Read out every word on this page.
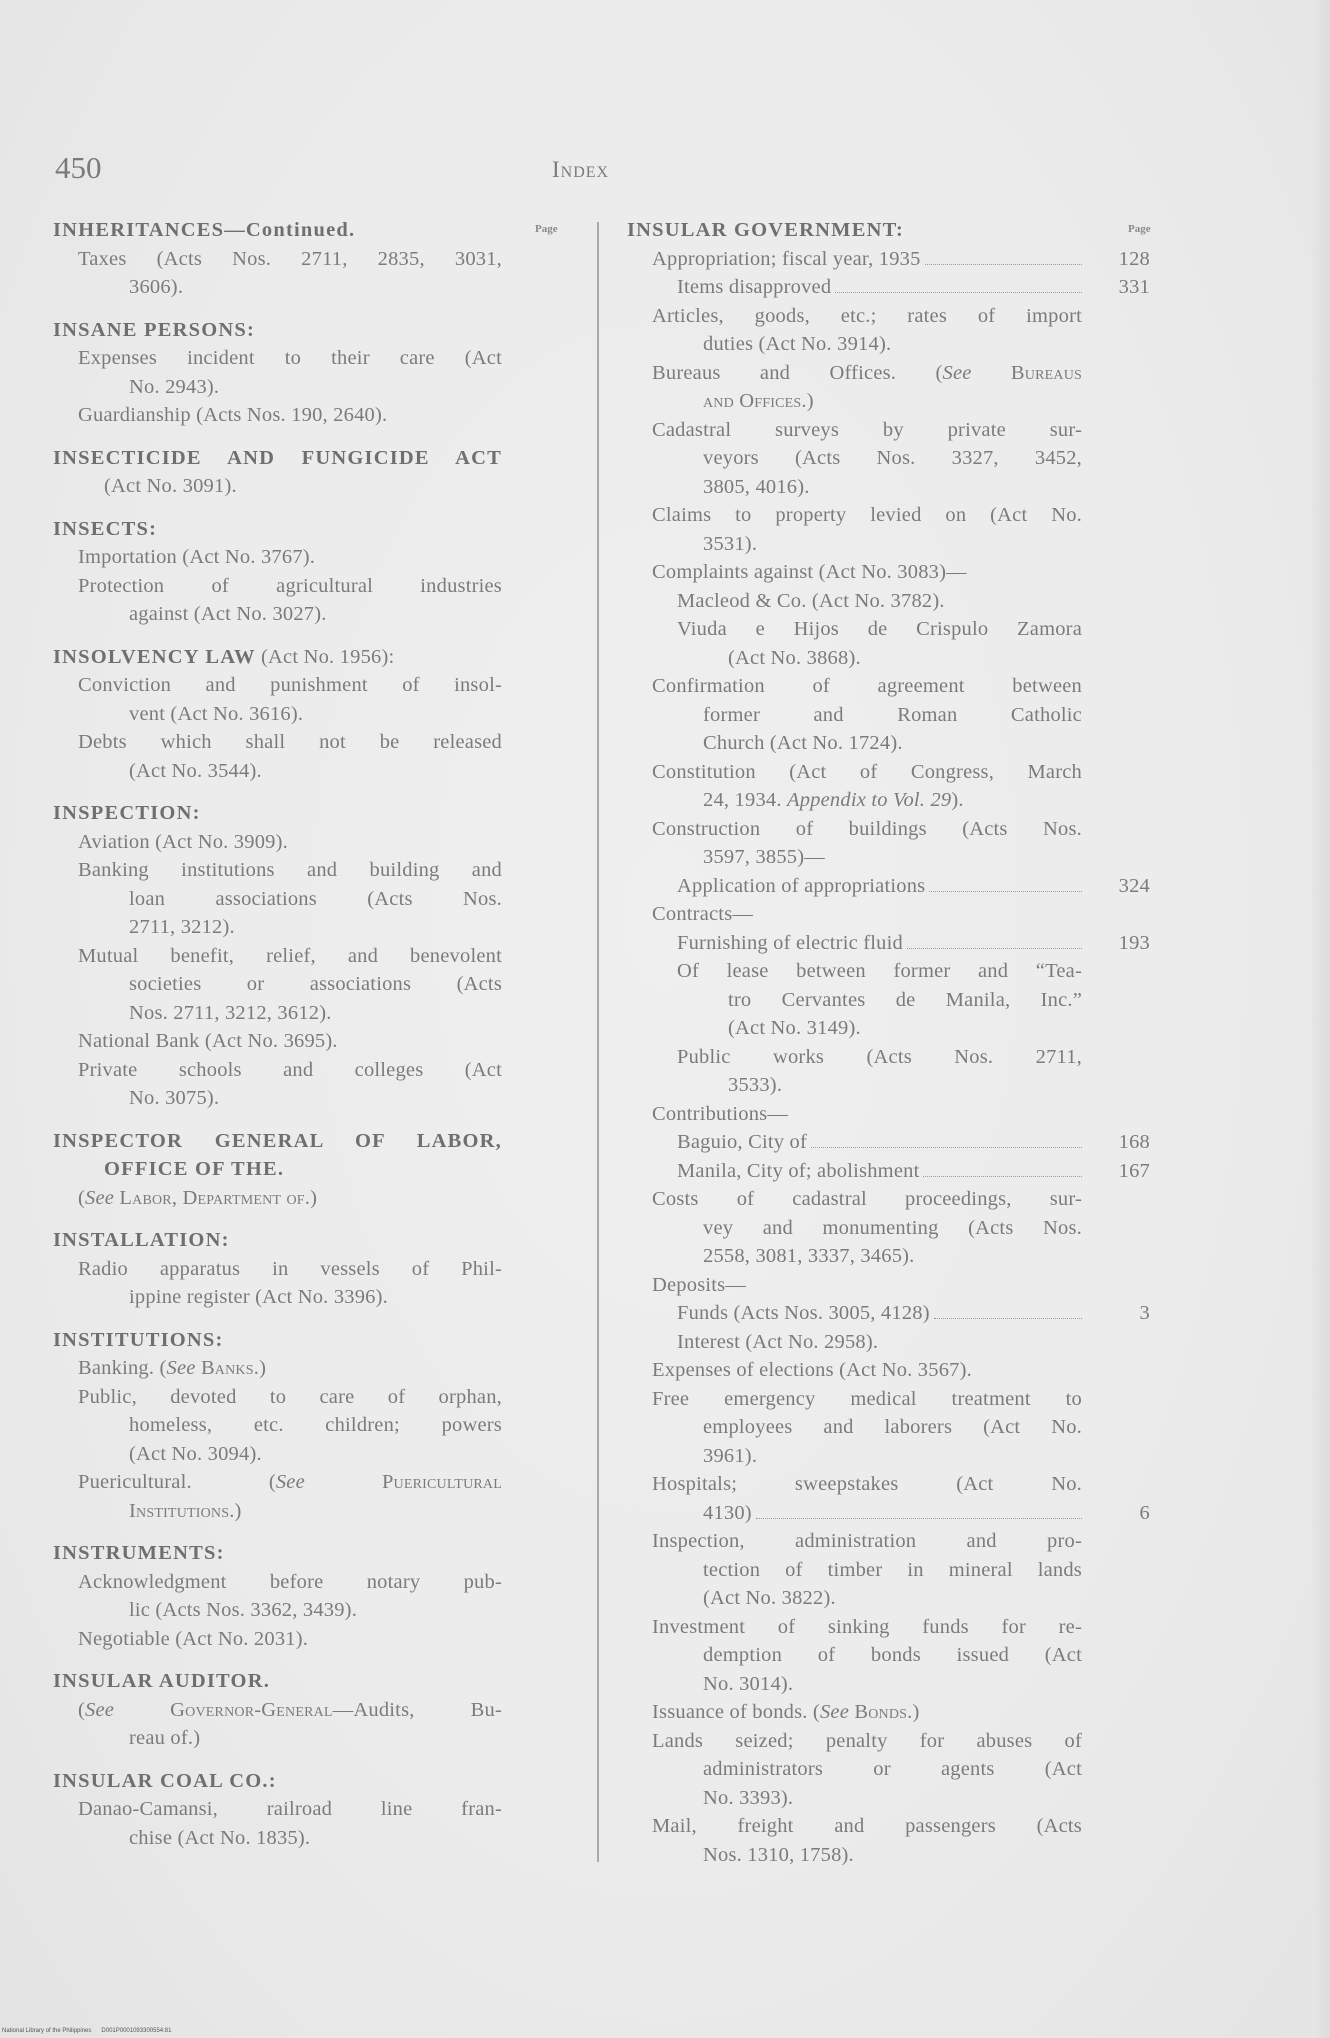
450	Index
Page	Page
INHERITANCES—Continued.
Taxes (Acts Nos. 2711, 2835, 3031,
3606).
INSANE PERSONS:
Expenses incident to their care (Act
No. 2943).
Guardianship (Acts Nos. 190, 2640).
INSECTICIDE AND FUNGICIDE ACT
(Act No. 3091).
INSECTS:
Importation (Act No. 3767).
Protection of agricultural industries
against (Act No. 3027).
INSOLVENCY LAW (Act No. 1956):
Conviction and punishment of insol-
vent (Act No. 3616).
Debts which shall not be released
(Act No. 3544).
INSPECTION:
Aviation (Act No. 3909).
Banking institutions and building and
loan associations (Acts Nos.
2711, 3212).
Mutual benefit, relief, and benevolent
societies or associations (Acts
Nos. 2711, 3212, 3612).
National Bank (Act No. 3695).
Private schools and colleges (Act
No. 3075).
INSPECTOR GENERAL OF LABOR,
OFFICE OF THE.
(See Labor, Department of.)
INSTALLATION:
Radio apparatus in vessels of Phil-
ippine register (Act No. 3396).
INSTITUTIONS:
Banking. (See Banks.)
Public, devoted to care of orphan,
homeless, etc. children; powers
(Act No. 3094).
Puericultural. (See	Puericultural
Institutions.)
INSTRUMENTS:
Acknowledgment before notary pub-
lic (Acts Nos. 3362, 3439).
Negotiable (Act No. 2031).
INSULAR AUDITOR.
(See	Governor-General—Audits, Bu-
reau of.)
INSULAR COAL CO.:
Danao-Camansi, railroad line fran-
chise (Act No. 1835).
INSULAR GOVERNMENT:
Appropriation; fiscal year, 1935	128
Items disapproved	331
Articles, goods, etc.; rates of import
duties (Act No. 3914).
Bureaus and Offices. (See Bureaus
and Offices.)
Cadastral surveys by private sur-
veyors (Acts Nos. 3327, 3452,
3805, 4016).
Claims to property levied on (Act No.
3531).
Complaints against (Act No. 3083)—
Macleod & Co. (Act No. 3782).
Viuda e Hijos de Crispulo Zamora
(Act No. 3868).
Confirmation of agreement between
former and Roman Catholic
Church (Act No. 1724).
Constitution (Act of Congress, March
24, 1934. Appendix to Vol. 29).
Construction of buildings (Acts Nos.
3597, 3855)—
Application of appropriations	324
Contracts—
Furnishing of electric fluid	193
Of lease between former and “Tea-
tro Cervantes de Manila, Inc.”
(Act No. 3149).
Public works (Acts Nos. 2711,
3533).
Contributions—
Baguio, City of	168
Manila, City of; abolishment	167
Costs of cadastral proceedings, sur-
vey and monumenting (Acts Nos.
2558, 3081, 3337, 3465).
Deposits—
Funds (Acts Nos. 3005, 4128)	3
Interest (Act No. 2958).
Expenses of elections (Act No. 3567).
Free emergency medical treatment to
employees and laborers (Act No.
3961).
Hospitals; sweepstakes (Act No.
4130)	6
Inspection, administration and pro-
tection of timber in mineral lands
(Act No. 3822).
Investment of sinking funds for re-
demption of bonds issued (Act
No. 3014).
Issuance of bonds. (See Bonds.)
Lands seized; penalty for abuses of
administrators or agents (Act
No. 3393).
Mail, freight and passengers (Acts
Nos. 1310, 1758).
National Library of the Philippines D001P0001093300554:81
